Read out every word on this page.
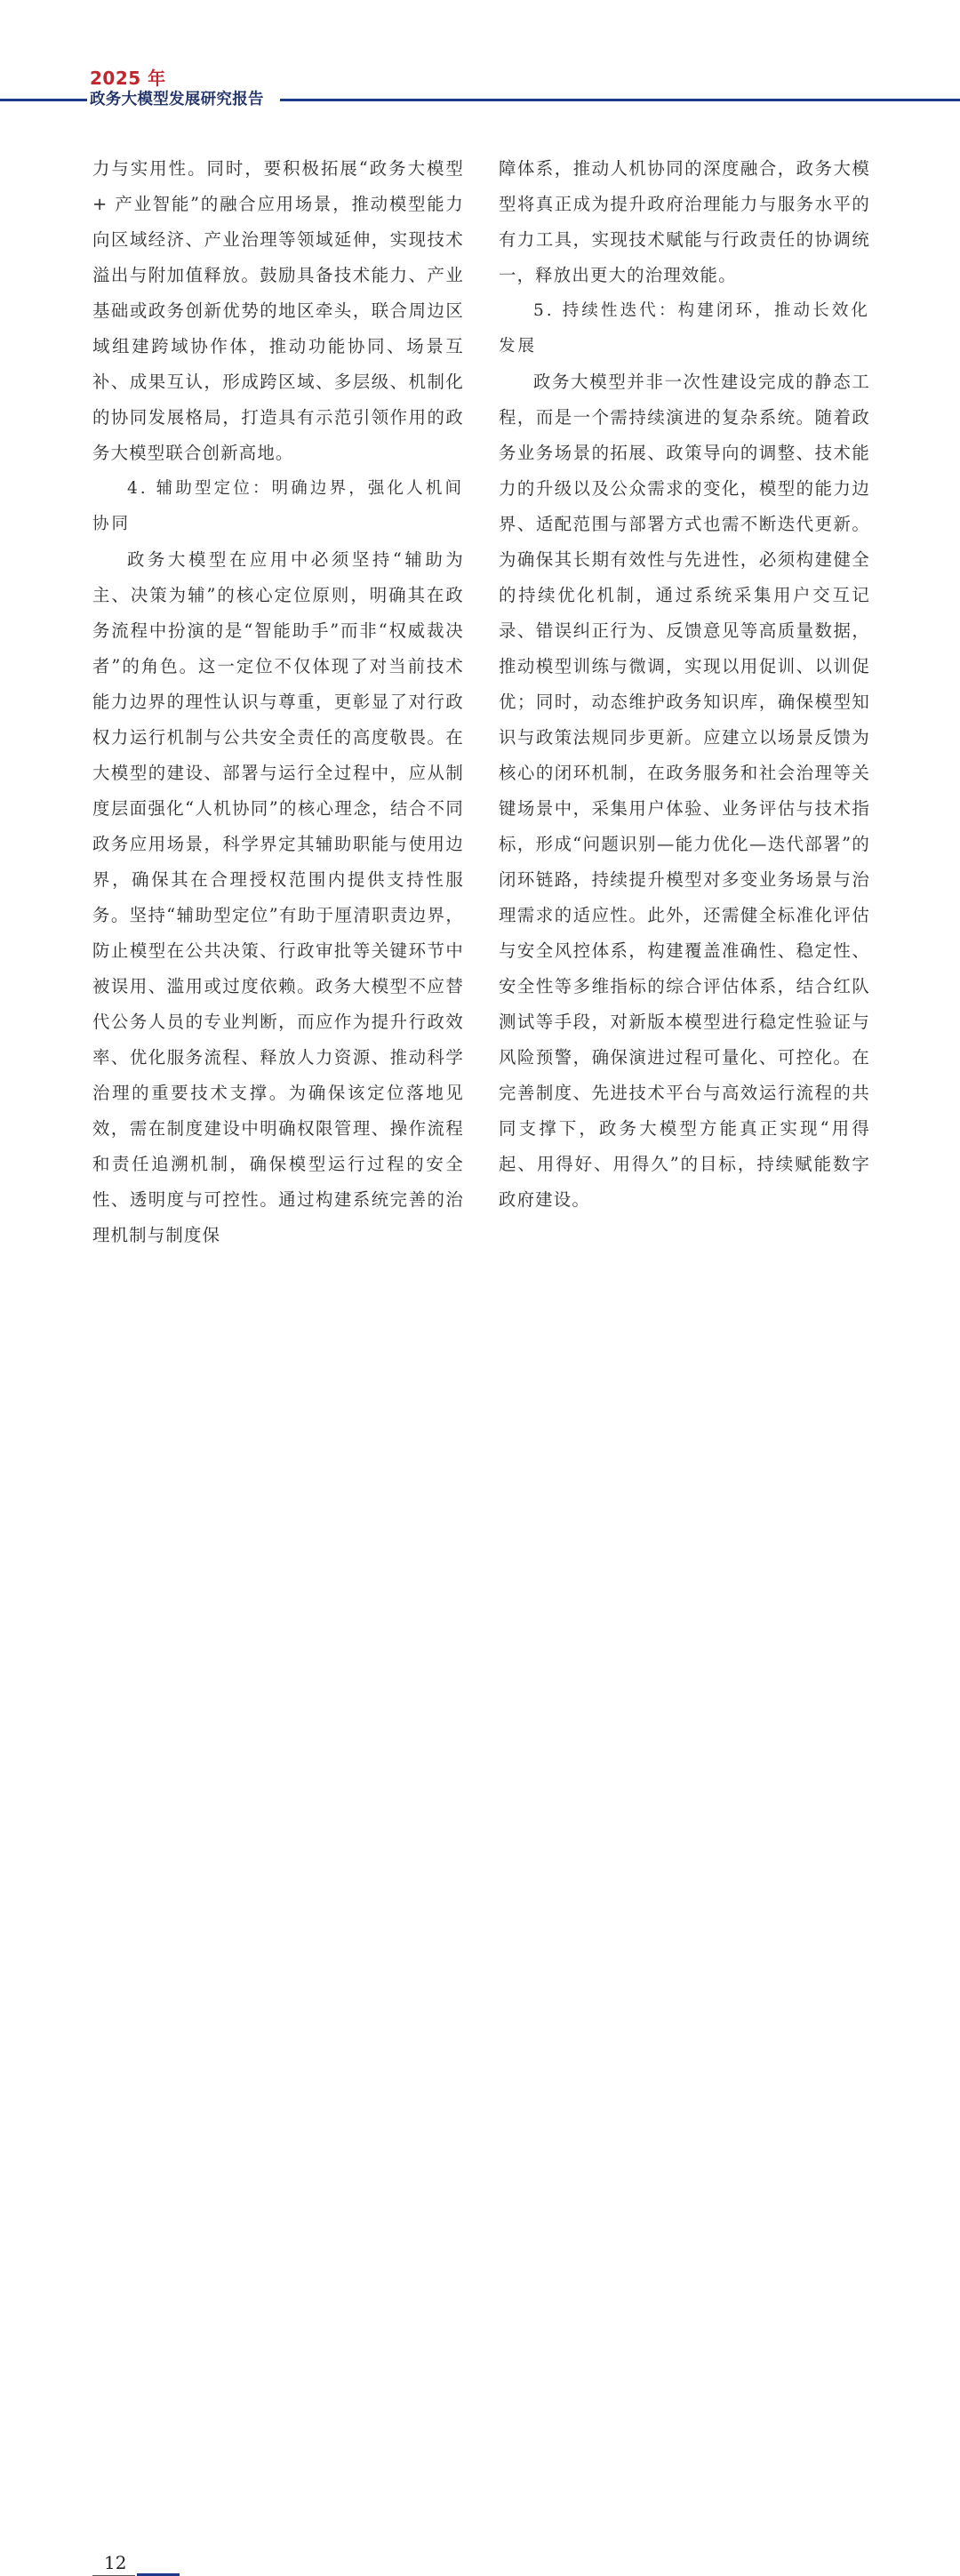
2025 年
政务大模型发展研究报告

力与实用性。同时，要积极拓展“政务大模型 + 产业智能”的融合应用场景，推动模型能力向区域经济、产业治理等领域延伸，实现技术溢出与附加值释放。鼓励具备技术能力、产业基础或政务创新优势的地区牵头，联合周边区域组建跨域协作体，推动功能协同、场景互补、成果互认，形成跨区域、多层级、机制化的协同发展格局，打造具有示范引领作用的政务大模型联合创新高地。

4. 辅助型定位：明确边界，强化人机间协同

政务大模型在应用中必须坚持“辅助为主、决策为辅”的核心定位原则，明确其在政务流程中扮演的是“智能助手”而非“权威裁决者”的角色。这一定位不仅体现了对当前技术能力边界的理性认识与尊重，更彰显了对行政权力运行机制与公共安全责任的高度敬畏。在大模型的建设、部署与运行全过程中，应从制度层面强化“人机协同”的核心理念，结合不同政务应用场景，科学界定其辅助职能与使用边界，确保其在合理授权范围内提供支持性服务。坚持“辅助型定位”有助于厘清职责边界，防止模型在公共决策、行政审批等关键环节中被误用、滥用或过度依赖。政务大模型不应替代公务人员的专业判断，而应作为提升行政效率、优化服务流程、释放人力资源、推动科学治理的重要技术支撑。为确保该定位落地见效，需在制度建设中明确权限管理、操作流程和责任追溯机制，确保模型运行过程的安全性、透明度与可控性。通过构建系统完善的治理机制与制度保

障体系，推动人机协同的深度融合，政务大模型将真正成为提升政府治理能力与服务水平的有力工具，实现技术赋能与行政责任的协调统一，释放出更大的治理效能。

5. 持续性迭代：构建闭环，推动长效化发展

政务大模型并非一次性建设完成的静态工程，而是一个需持续演进的复杂系统。随着政务业务场景的拓展、政策导向的调整、技术能力的升级以及公众需求的变化，模型的能力边界、适配范围与部署方式也需不断迭代更新。为确保其长期有效性与先进性，必须构建健全的持续优化机制，通过系统采集用户交互记录、错误纠正行为、反馈意见等高质量数据，推动模型训练与微调，实现以用促训、以训促优；同时，动态维护政务知识库，确保模型知识与政策法规同步更新。应建立以场景反馈为核心的闭环机制，在政务服务和社会治理等关键场景中，采集用户体验、业务评估与技术指标，形成“问题识别—能力优化—迭代部署”的闭环链路，持续提升模型对多变业务场景与治理需求的适应性。此外，还需健全标准化评估与安全风控体系，构建覆盖准确性、稳定性、安全性等多维指标的综合评估体系，结合红队测试等手段，对新版本模型进行稳定性验证与风险预警，确保演进过程可量化、可控化。在完善制度、先进技术平台与高效运行流程的共同支撑下，政务大模型方能真正实现“用得起、用得好、用得久”的目标，持续赋能数字政府建设。

12
